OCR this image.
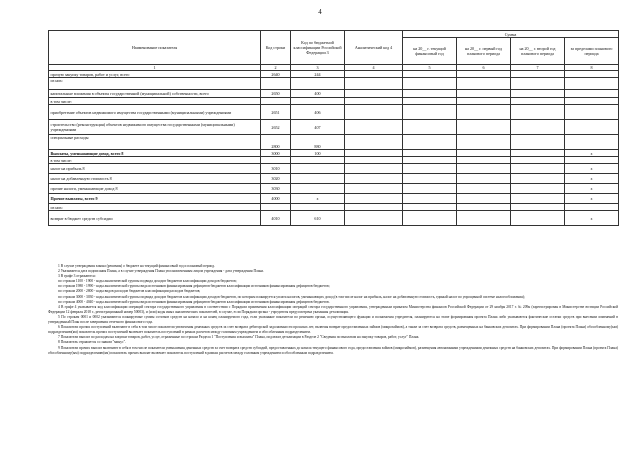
4
Наименование показателя	Код строки	Код по бюджетной классификации Российской Федерации 3	Аналитический код 4	Сумма			
				на 20__ г. текущий финансовый год	на 20__ г. первый год планового периода	на 20__ г. второй год планового периода	за пределами планового периода
1	2	3	4	5	6	7	8
прочую закупку товаров, работ и услуг, всего	2640	244					
из них:							
капитальные вложения в объекты государственной (муниципальной) собственности, всего	2650	400					
в том числе:							
приобретение объектов недвижимого имущества государственными (муниципальными) учреждениями	2651	406					
строительство (реконструкция) объектов недвижимого имущества государственными (муниципальными) учреждениями	2652	407					
специальные расходы	2800	880					
Выплаты, уменьшающие доход, всего 8	3000	100					x
в том числе:							
налог на прибыль 8	3010						x
налог на добавленную стоимость 8	3020						x
прочие налоги, уменьшающие доход 8	3030						x
Прочие выплаты, всего 9	4000	x					x
из них:							
возврат в бюджет средств субсидии	4010	610					x

1 В случае утверждения закона (решения) о бюджете на текущий финансовый год и плановый период.

2 Указывается дата подписания Плана, а в случае утверждения Плана уполномоченным лицом учреждения - дата утверждения Плана.

3 В графе 3 отражаются:

по строкам 1100 - 1900 - коды аналитической группы подвида доходов бюджетов классификации доходов бюджетов;

по строкам 1980 - 1990 - коды аналитической группы вида источников финансирования дефицитов бюджетов классификации источников финансирования дефицитов бюджетов;

по строкам 2000 - 2800 - коды видов расходов бюджетов классификации расходов бюджетов;

по строкам 3000 - 3030 - коды аналитической группы подвида доходов бюджетов классификации доходов бюджетов, по которым планируется уплата налогов, уменьшающих доход (в том числе налог на прибыль, налог на добавленную стоимость, единый налог по упрощенной системе налогообложения);

по строкам 4000 - 4040 - коды аналитической группы вида источников финансирования дефицитов бюджетов классификации источников финансирования дефицитов бюджетов.

4 В графе 4 указывается код классификации операций сектора государственного управления в соответствии с Порядком применения классификации операций сектора государственного управления, утвержденным приказом Министерства финансов Российской Федерации от 29 ноября 2017 г. № 209н (зарегистрирован в Министерстве юстиции Российской Федерации 12 февраля 2018 г., регистрационный номер 50003), и (или) коды иных аналитических показателей, в случае, если Порядком органа - учредителя предусмотрена указанная детализация.

5 По строкам 0001 и 0002 указываются планируемые суммы остатков средств на начало и на конец планируемого года, если указанные показатели по решению органа, осуществляющего функции и полномочия учредителя, планируются на этапе формирования проекта Плана либо указываются фактические остатки средств при внесении изменений в утвержденный План после завершения отчетного финансового года.

6 Показатели прочих поступлений включают в себя в том числе показатели увеличения денежных средств за счет возврата дебиторской задолженности прошлых лет, включая возврат предоставленных займов (микрозаймов), а также за счет возврата средств, размещенных на банковских депозитах. При формировании Плана (проекта Плана) обособленному(ым) подразделению(ям) показатель прочих поступлений включает показатель поступлений в рамках расчетов между головным учреждением и обособленным подразделением.

7 Показатели выплат по расходам на закупки товаров, работ, услуг, отраженные по строкам Раздела 1 "Поступления и выплаты" Плана, подлежат детализации в Разделе 2 "Сведения по выплатам на закупку товаров, работ, услуг" Плана.

8 Показатель отражается со знаком "минус".

9 Показатели прочих выплат включают в себя в том числе показатели уменьшения денежных средств за счет возврата средств субсидий, предоставленных до начала текущего финансового года, предоставления займов (микрозаймов), размещения автономными учреждениями денежных средств на банковских депозитах. При формировании Плана (проекта Плана) обособленному(ым) подразделению(ям) показатель прочих выплат включает показатель поступлений в рамках расчетов между головным учреждением и обособленным подразделением.
